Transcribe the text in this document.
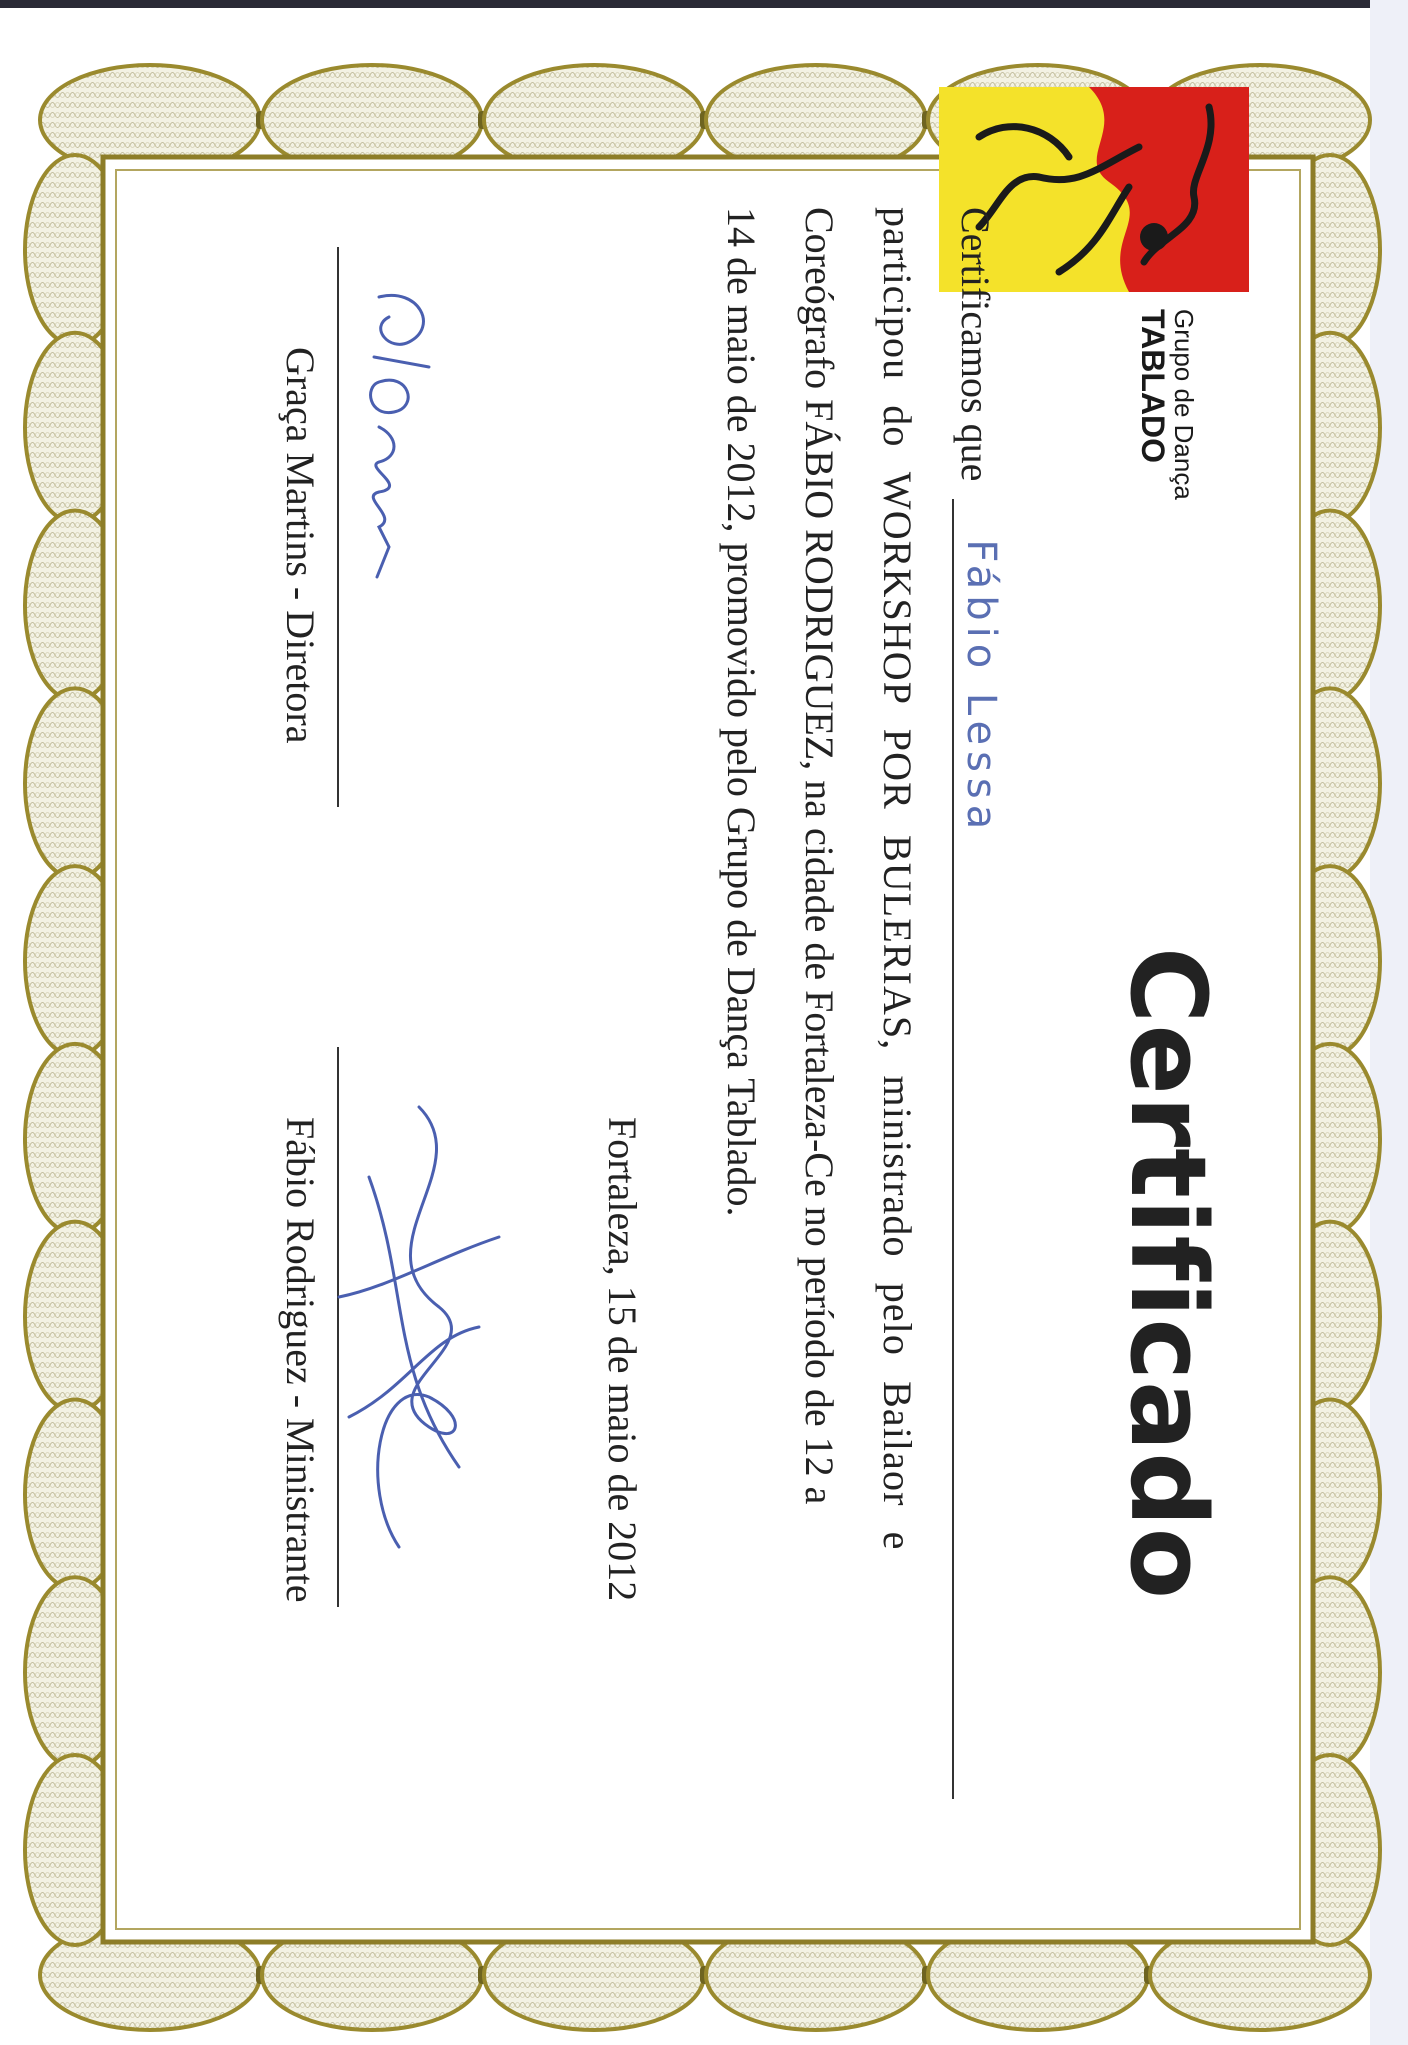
Grupo de Dança
TABLADO
Certificado
Certificamos que
Fábio Lessa
participou do WORKSHOP POR BULERIAS, ministrado pelo Bailaor e
Coreógrafo FÁBIO RODRIGUEZ, na cidade de Fortaleza-Ce no período de 12 a
14 de maio de 2012, promovido pelo Grupo de Dança Tablado.
Fortaleza, 15 de maio de 2012
Graça Martins - Diretora
Fábio Rodriguez - Ministrante
